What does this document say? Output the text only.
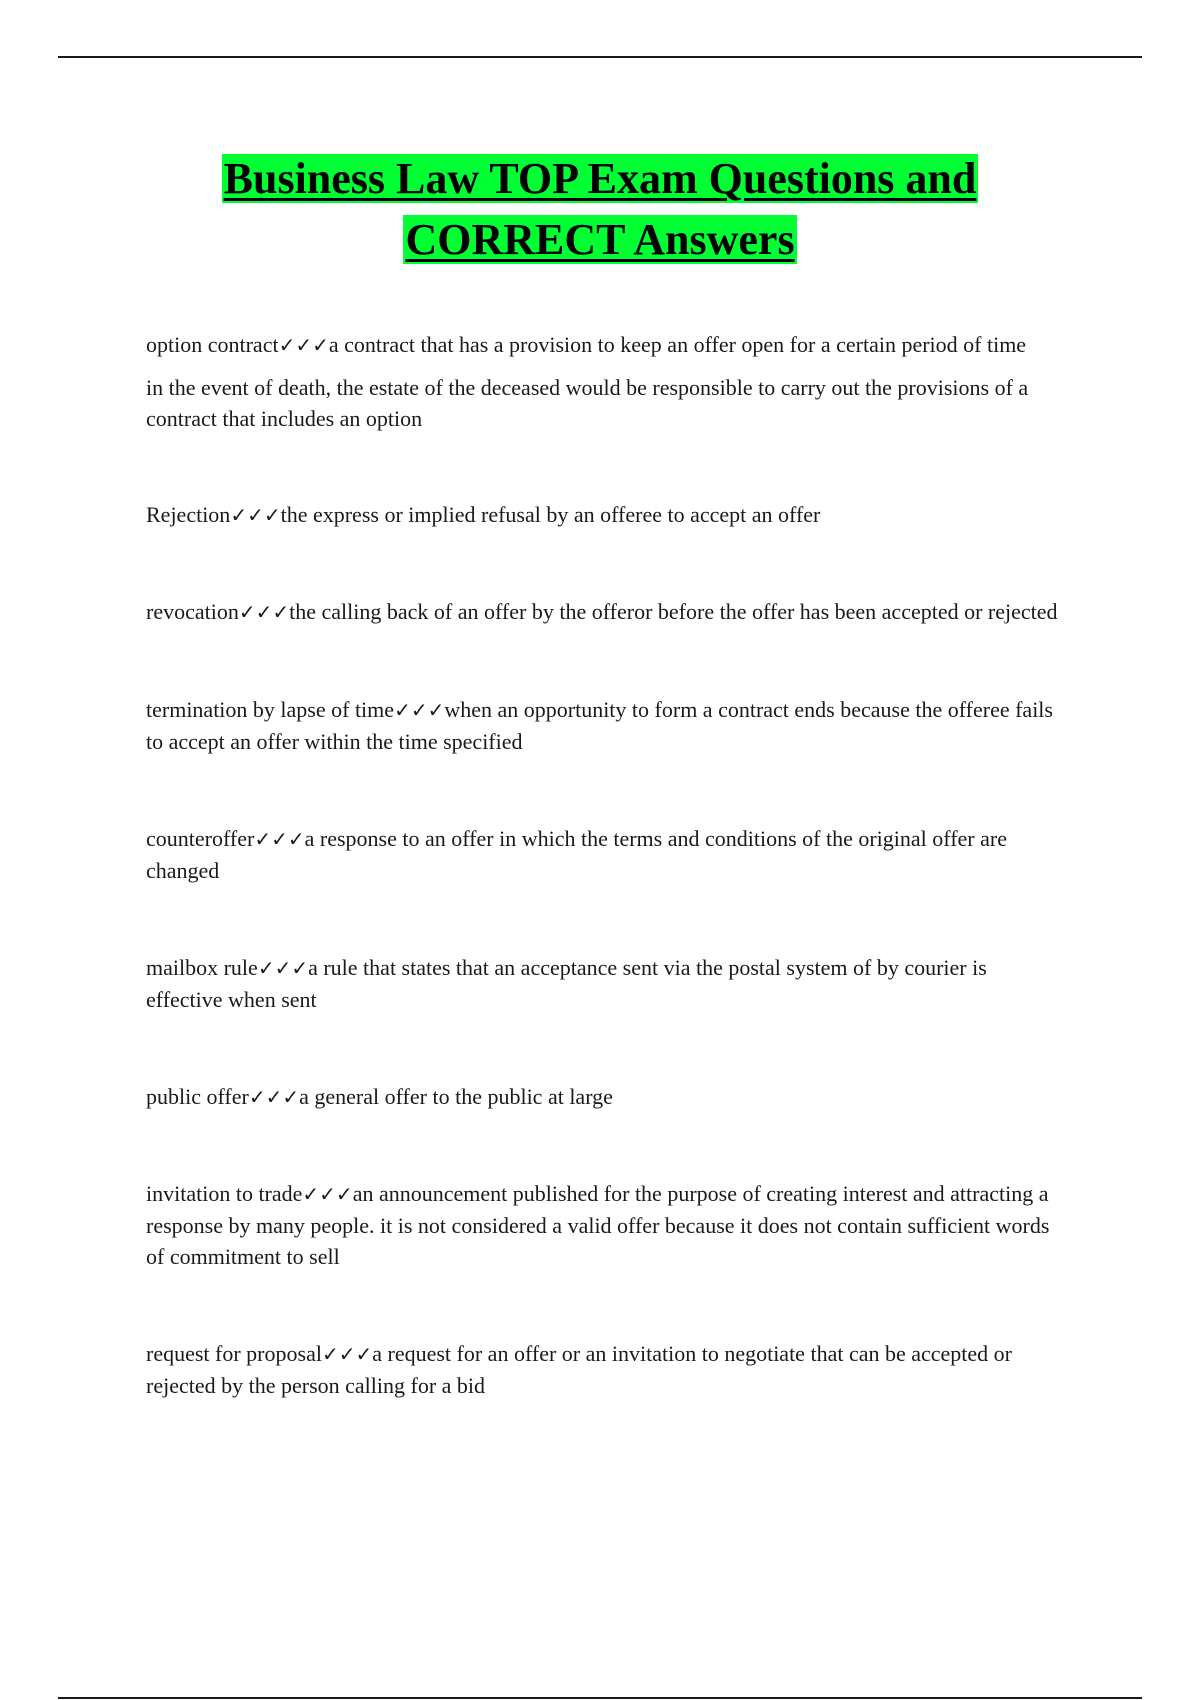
Business Law TOP Exam Questions and
CORRECT Answers

option contract✓✓✓a contract that has a provision to keep an offer open for a certain period of time

in the event of death, the estate of the deceased would be responsible to carry out the provisions of a contract that includes an option

Rejection✓✓✓the express or implied refusal by an offeree to accept an offer

revocation✓✓✓the calling back of an offer by the offeror before the offer has been accepted or rejected

termination by lapse of time✓✓✓when an opportunity to form a contract ends because the offeree fails to accept an offer within the time specified

counteroffer✓✓✓a response to an offer in which the terms and conditions of the original offer are changed

mailbox rule✓✓✓a rule that states that an acceptance sent via the postal system of by courier is effective when sent

public offer✓✓✓a general offer to the public at large

invitation to trade✓✓✓an announcement published for the purpose of creating interest and attracting a response by many people. it is not considered a valid offer because it does not contain sufficient words of commitment to sell

request for proposal✓✓✓a request for an offer or an invitation to negotiate that can be accepted or rejected by the person calling for a bid
